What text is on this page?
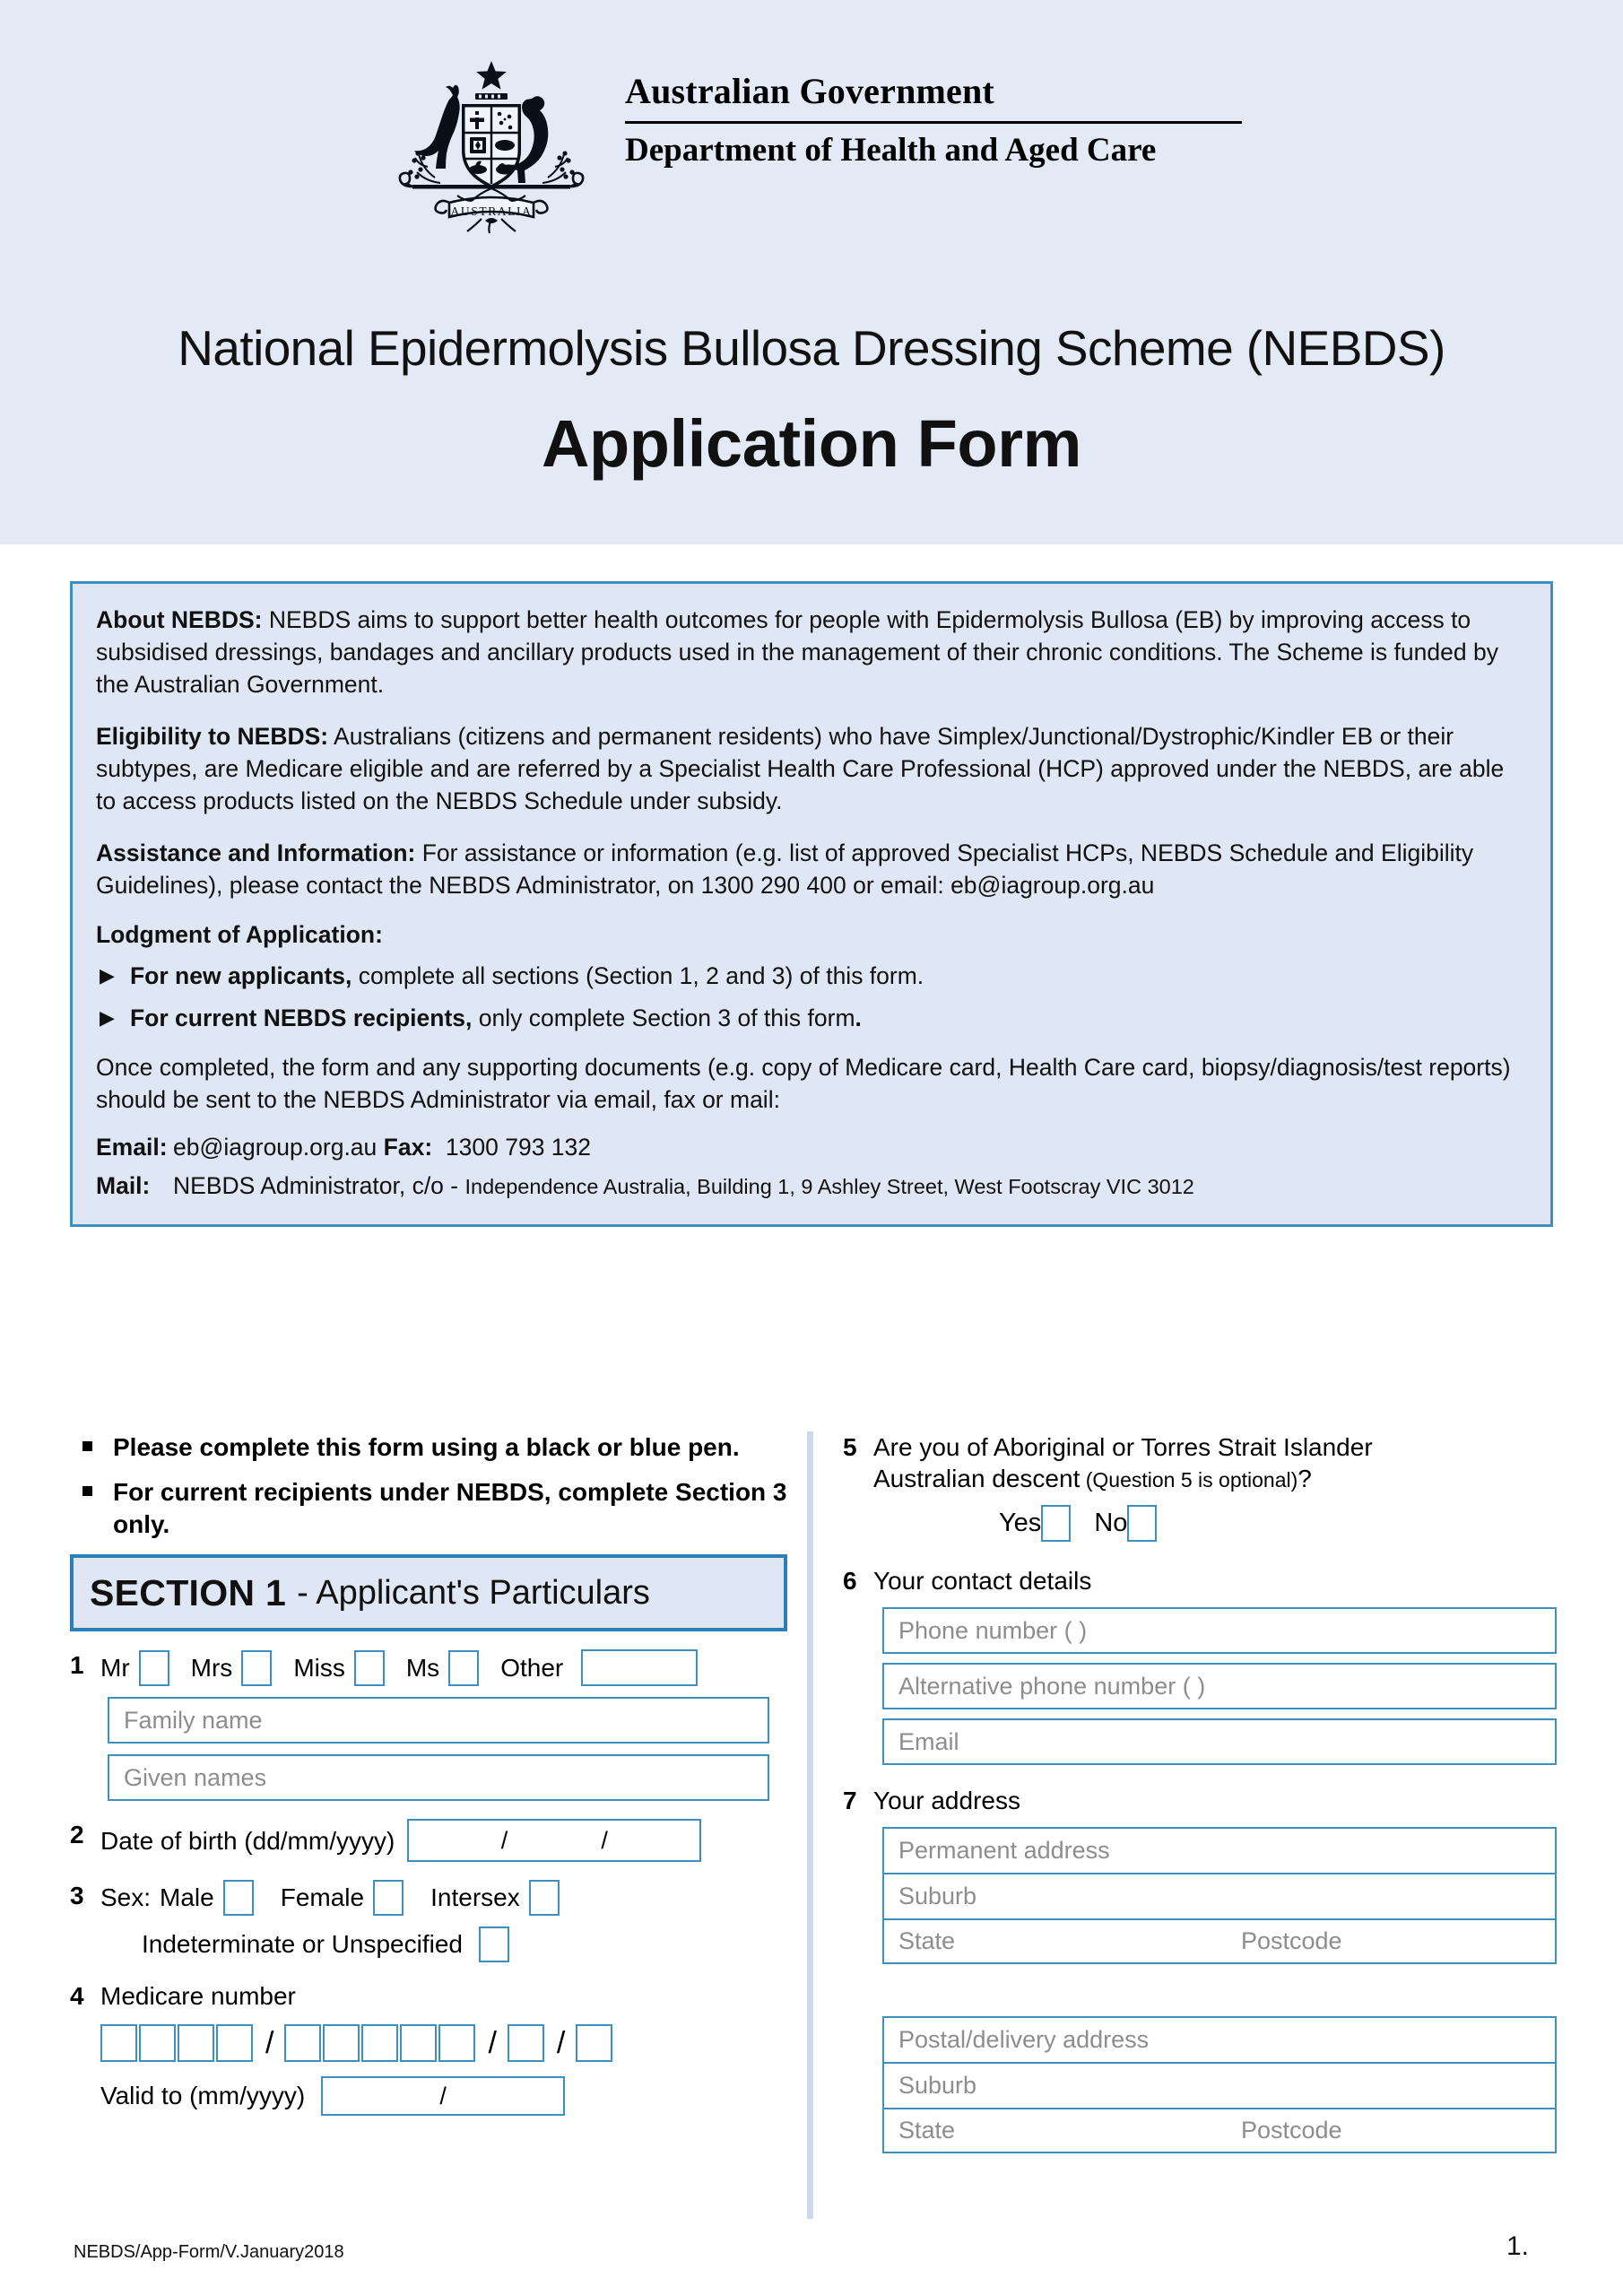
AUSTRALIA
Australian Government
Department of Health and Aged Care
National Epidermolysis Bullosa Dressing Scheme (NEBDS)
Application Form

About NEBDS: NEBDS aims to support better health outcomes for people with Epidermolysis Bullosa (EB) by improving access to subsidised dressings, bandages and ancillary products used in the management of their chronic conditions. The Scheme is funded by the Australian Government.

Eligibility to NEBDS: Australians (citizens and permanent residents) who have Simplex/Junctional/Dystrophic/Kindler EB or their subtypes, are Medicare eligible and are referred by a Specialist Health Care Professional (HCP) approved under the NEBDS, are able to access products listed on the NEBDS Schedule under subsidy.

Assistance and Information: For assistance or information (e.g. list of approved Specialist HCPs, NEBDS Schedule and Eligibility Guidelines), please contact the NEBDS Administrator, on 1300 290 400 or email: eb@iagroup.org.au

Lodgment of Application:

▶ For new applicants, complete all sections (Section 1, 2 and 3) of this form.

▶ For current NEBDS recipients, only complete Section 3 of this form.

Once completed, the form and any supporting documents (e.g. copy of Medicare card, Health Care card, biopsy/diagnosis/test reports) should be sent to the NEBDS Administrator via email, fax or mail:

Email: eb@iagroup.org.au Fax: 1300 793 132

Mail: NEBDS Administrator, c/o - Independence Australia, Building 1, 9 Ashley Street, West Footscray VIC 3012

Please complete this form using a black or blue pen.

For current recipients under NEBDS, complete Section 3 only.

SECTION 1 - Applicant's Particulars
1 Mr Mrs Miss Ms Other
Family name
Given names
2 Date of birth (dd/mm/yyyy)	/	/
3 Sex: Male	Female	Intersex
Indeterminate or Unspecified
4 Medicare number
/	/ /
Valid to (mm/yyyy)	/
5 Are you of Aboriginal or Torres Strait Islander
Australian descent (Question 5 is optional)?
Yes No
6 Your contact details
Phone number ( )
Alternative phone number ( )
Email
7 Your address
Permanent address
Suburb
State	Postcode
Postal/delivery address
Suburb
State	Postcode
NEBDS/App-Form/V.January2018	1.
